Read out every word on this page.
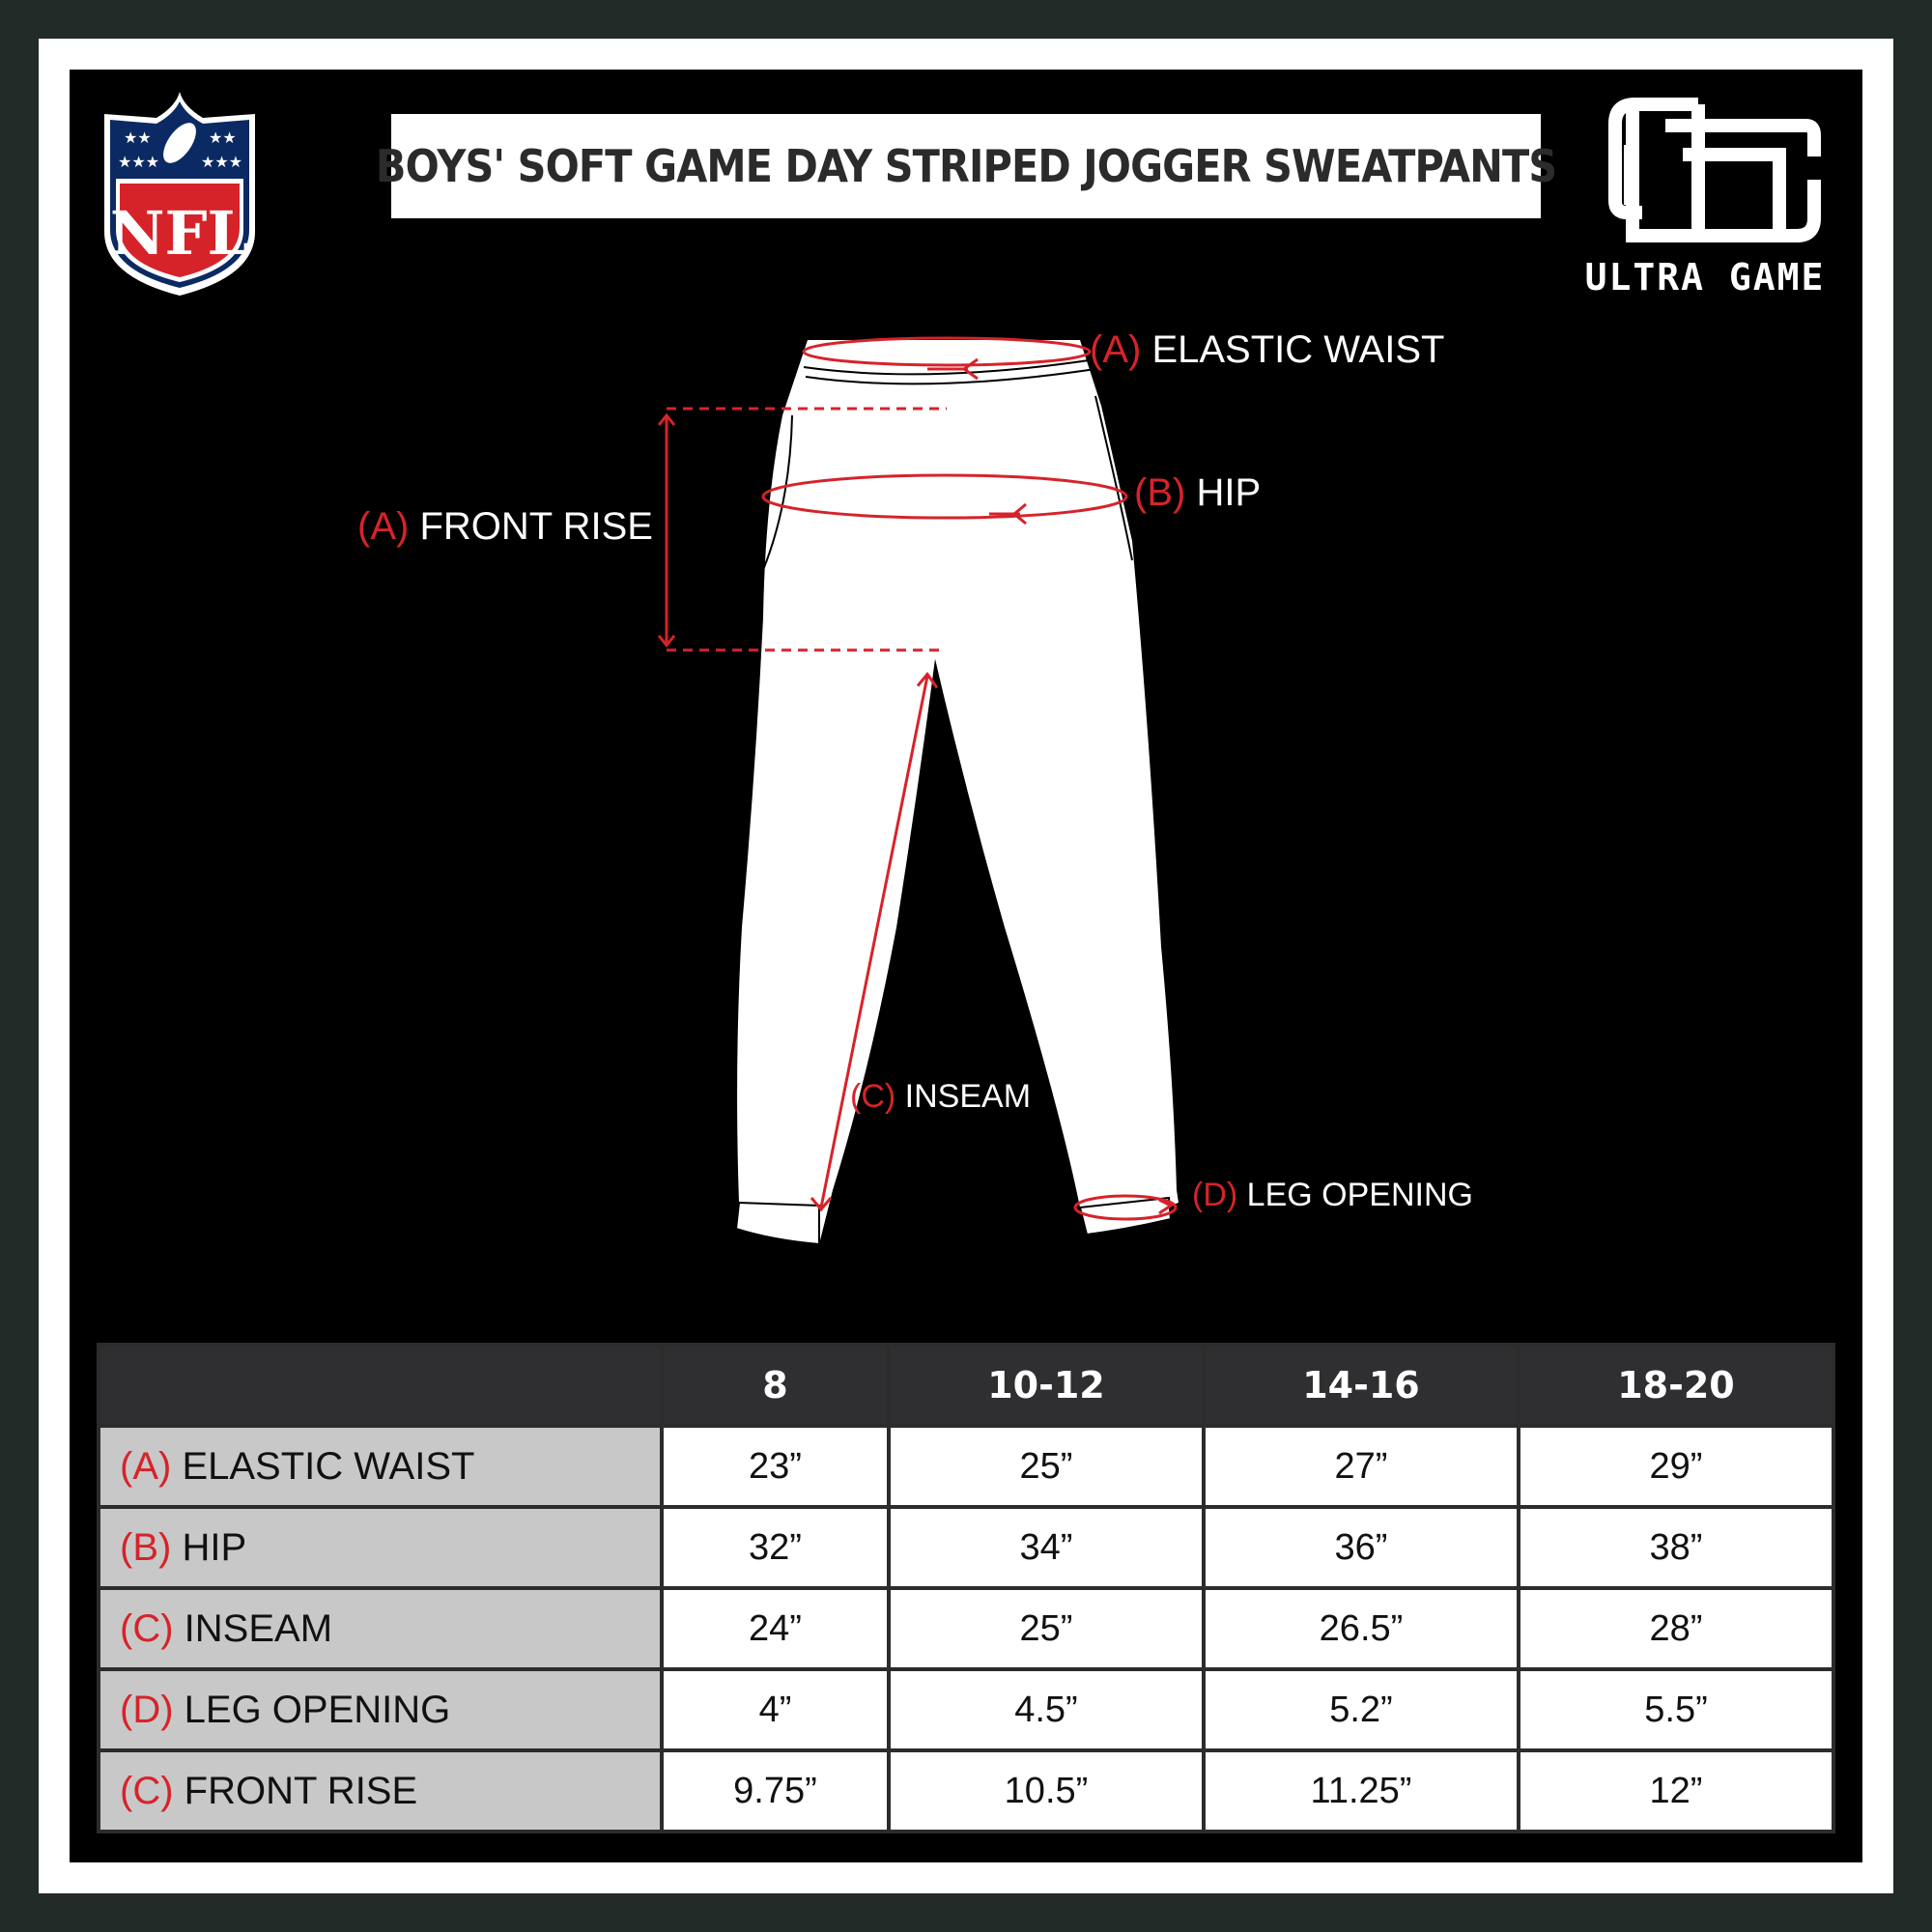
★★	★★
★★★	★★★
NFL
BOYS' SOFT GAME DAY STRIPED JOGGER SWEATPANTS
ULTRA GAME
(A) ELASTIC WAIST
(B) HIP
(A) FRONT RISE
(C) INSEAM
(D) LEG OPENING
	8	10-12	14-16	18-20
(A) ELASTIC WAIST	23”	25”	27”	29”
(B) HIP	32”	34”	36”	38”
(C) INSEAM	24”	25”	26.5”	28”
(D) LEG OPENING	4”	4.5”	5.2”	5.5”
(C) FRONT RISE	9.75”	10.5”	11.25”	12”
